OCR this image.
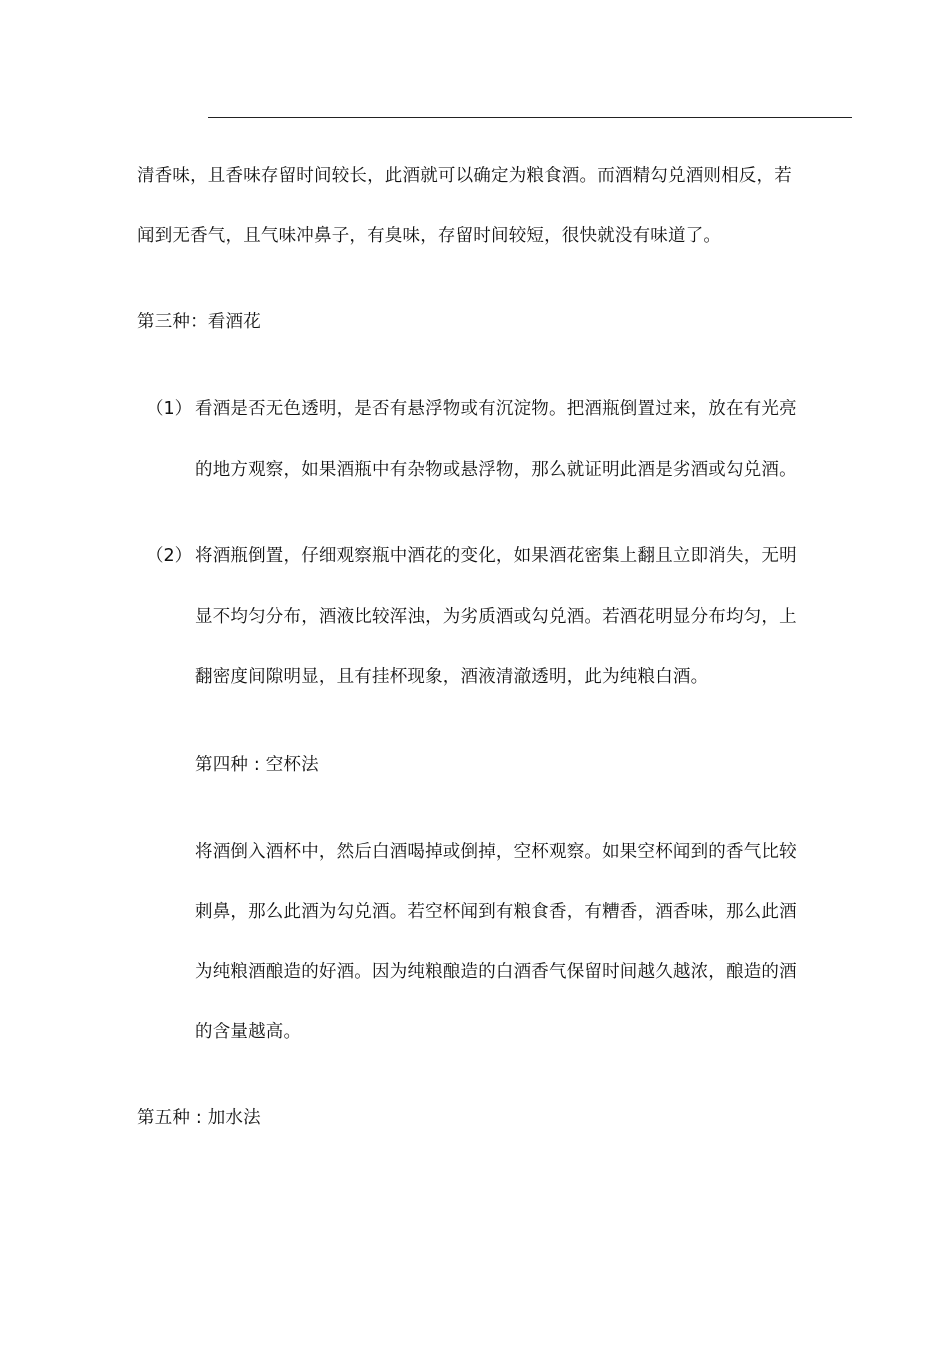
清香味，且香味存留时间较长，此酒就可以确定为粮食酒。而酒精勾兑酒则相反，若
闻到无香气，且气味冲鼻子，有臭味，存留时间较短，很快就没有味道了。
第三种：看酒花
（1） 看酒是否无色透明，是否有悬浮物或有沉淀物。把酒瓶倒置过来，放在有光亮
的地方观察，如果酒瓶中有杂物或悬浮物，那么就证明此酒是劣酒或勾兑酒。
（2） 将酒瓶倒置，仔细观察瓶中酒花的变化，如果酒花密集上翻且立即消失，无明
显不均匀分布，酒液比较浑浊，为劣质酒或勾兑酒。若酒花明显分布均匀，上
翻密度间隙明显，且有挂杯现象，酒液清澈透明，此为纯粮白酒。
第四种 : 空杯法
将酒倒入酒杯中，然后白酒喝掉或倒掉，空杯观察。如果空杯闻到的香气比较
刺鼻，那么此酒为勾兑酒。若空杯闻到有粮食香，有糟香，酒香味，那么此酒
为纯粮酒酿造的好酒。因为纯粮酿造的白酒香气保留时间越久越浓，酿造的酒
的含量越高。
第五种 : 加水法
